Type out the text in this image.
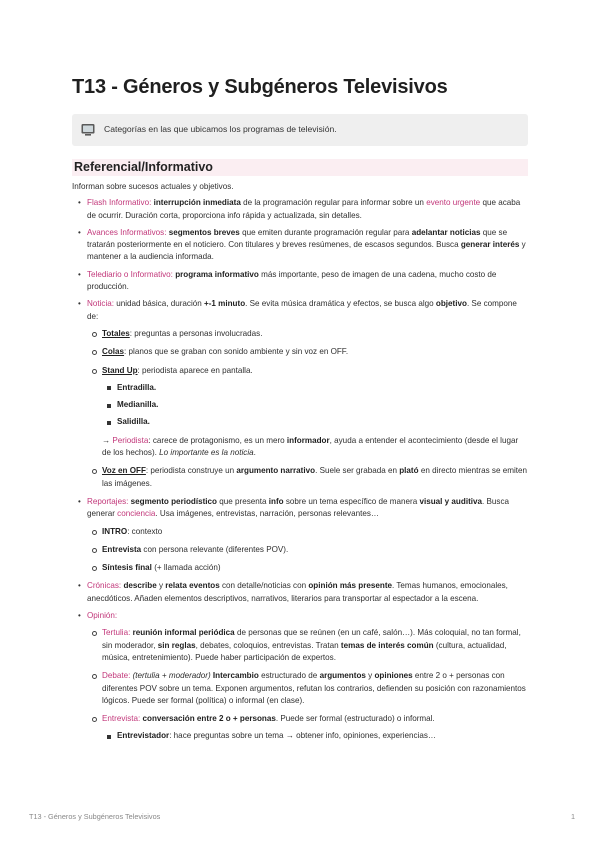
T13 - Géneros y Subgéneros Televisivos
Categorías en las que ubicamos los programas de televisión.
Referencial/Informativo

Informan sobre sucesos actuales y objetivos.

• Flash Informativo: interrupción inmediata de la programación regular para informar sobre un evento urgente que acaba de ocurrir. Duración corta, proporciona info rápida y actualizada, sin detalles.
• Avances Informativos: segmentos breves que emiten durante programación regular para adelantar noticias que se tratarán posteriormente en el noticiero. Con titulares y breves resúmenes, de escasos segundos. Busca generar interés y mantener a la audiencia informada.
• Telediario o Informativo: programa informativo más importante, peso de imagen de una cadena, mucho costo de producción.
• Noticia: unidad básica, duración +-1 minuto. Se evita música dramática y efectos, se busca algo objetivo. Se compone de:
Totales: preguntas a personas involucradas.
Colas: planos que se graban con sonido ambiente y sin voz en OFF.
Stand Up: periodista aparece en pantalla.
Entradilla.
Medianilla.
Salidilla.

→ Periodista: carece de protagonismo, es un mero informador, ayuda a entender el acontecimiento (desde el lugar de los hechos). Lo importante es la noticia.

Voz en OFF: periodista construye un argumento narrativo. Suele ser grabada en plató en directo mientras se emiten las imágenes.
• Reportajes: segmento periodístico que presenta info sobre un tema específico de manera visual y auditiva. Busca generar conciencia. Usa imágenes, entrevistas, narración, personas relevantes…
INTRO: contexto
Entrevista con persona relevante (diferentes POV).
Síntesis final (+ llamada acción)
• Crónicas: describe y relata eventos con detalle/noticias con opinión más presente. Temas humanos, emocionales, anecdóticos. Añaden elementos descriptivos, narrativos, literarios para transportar al espectador a la escena.
• Opinión:
Tertulia: reunión informal periódica de personas que se reúnen (en un café, salón…). Más coloquial, no tan formal, sin moderador, sin reglas, debates, coloquios, entrevistas. Tratan temas de interés común (cultura, actualidad, música, entretenimiento). Puede haber participación de expertos.
Debate: (tertulia + moderador) Intercambio estructurado de argumentos y opiniones entre 2 o + personas con diferentes POV sobre un tema. Exponen argumentos, refutan los contrarios, defienden su posición con razonamientos lógicos. Puede ser formal (política) o informal (en clase).
Entrevista: conversación entre 2 o + personas. Puede ser formal (estructurado) o informal.
Entrevistador: hace preguntas sobre un tema → obtener info, opiniones, experiencias…
T13 - Géneros y Subgéneros Televisivos	1
